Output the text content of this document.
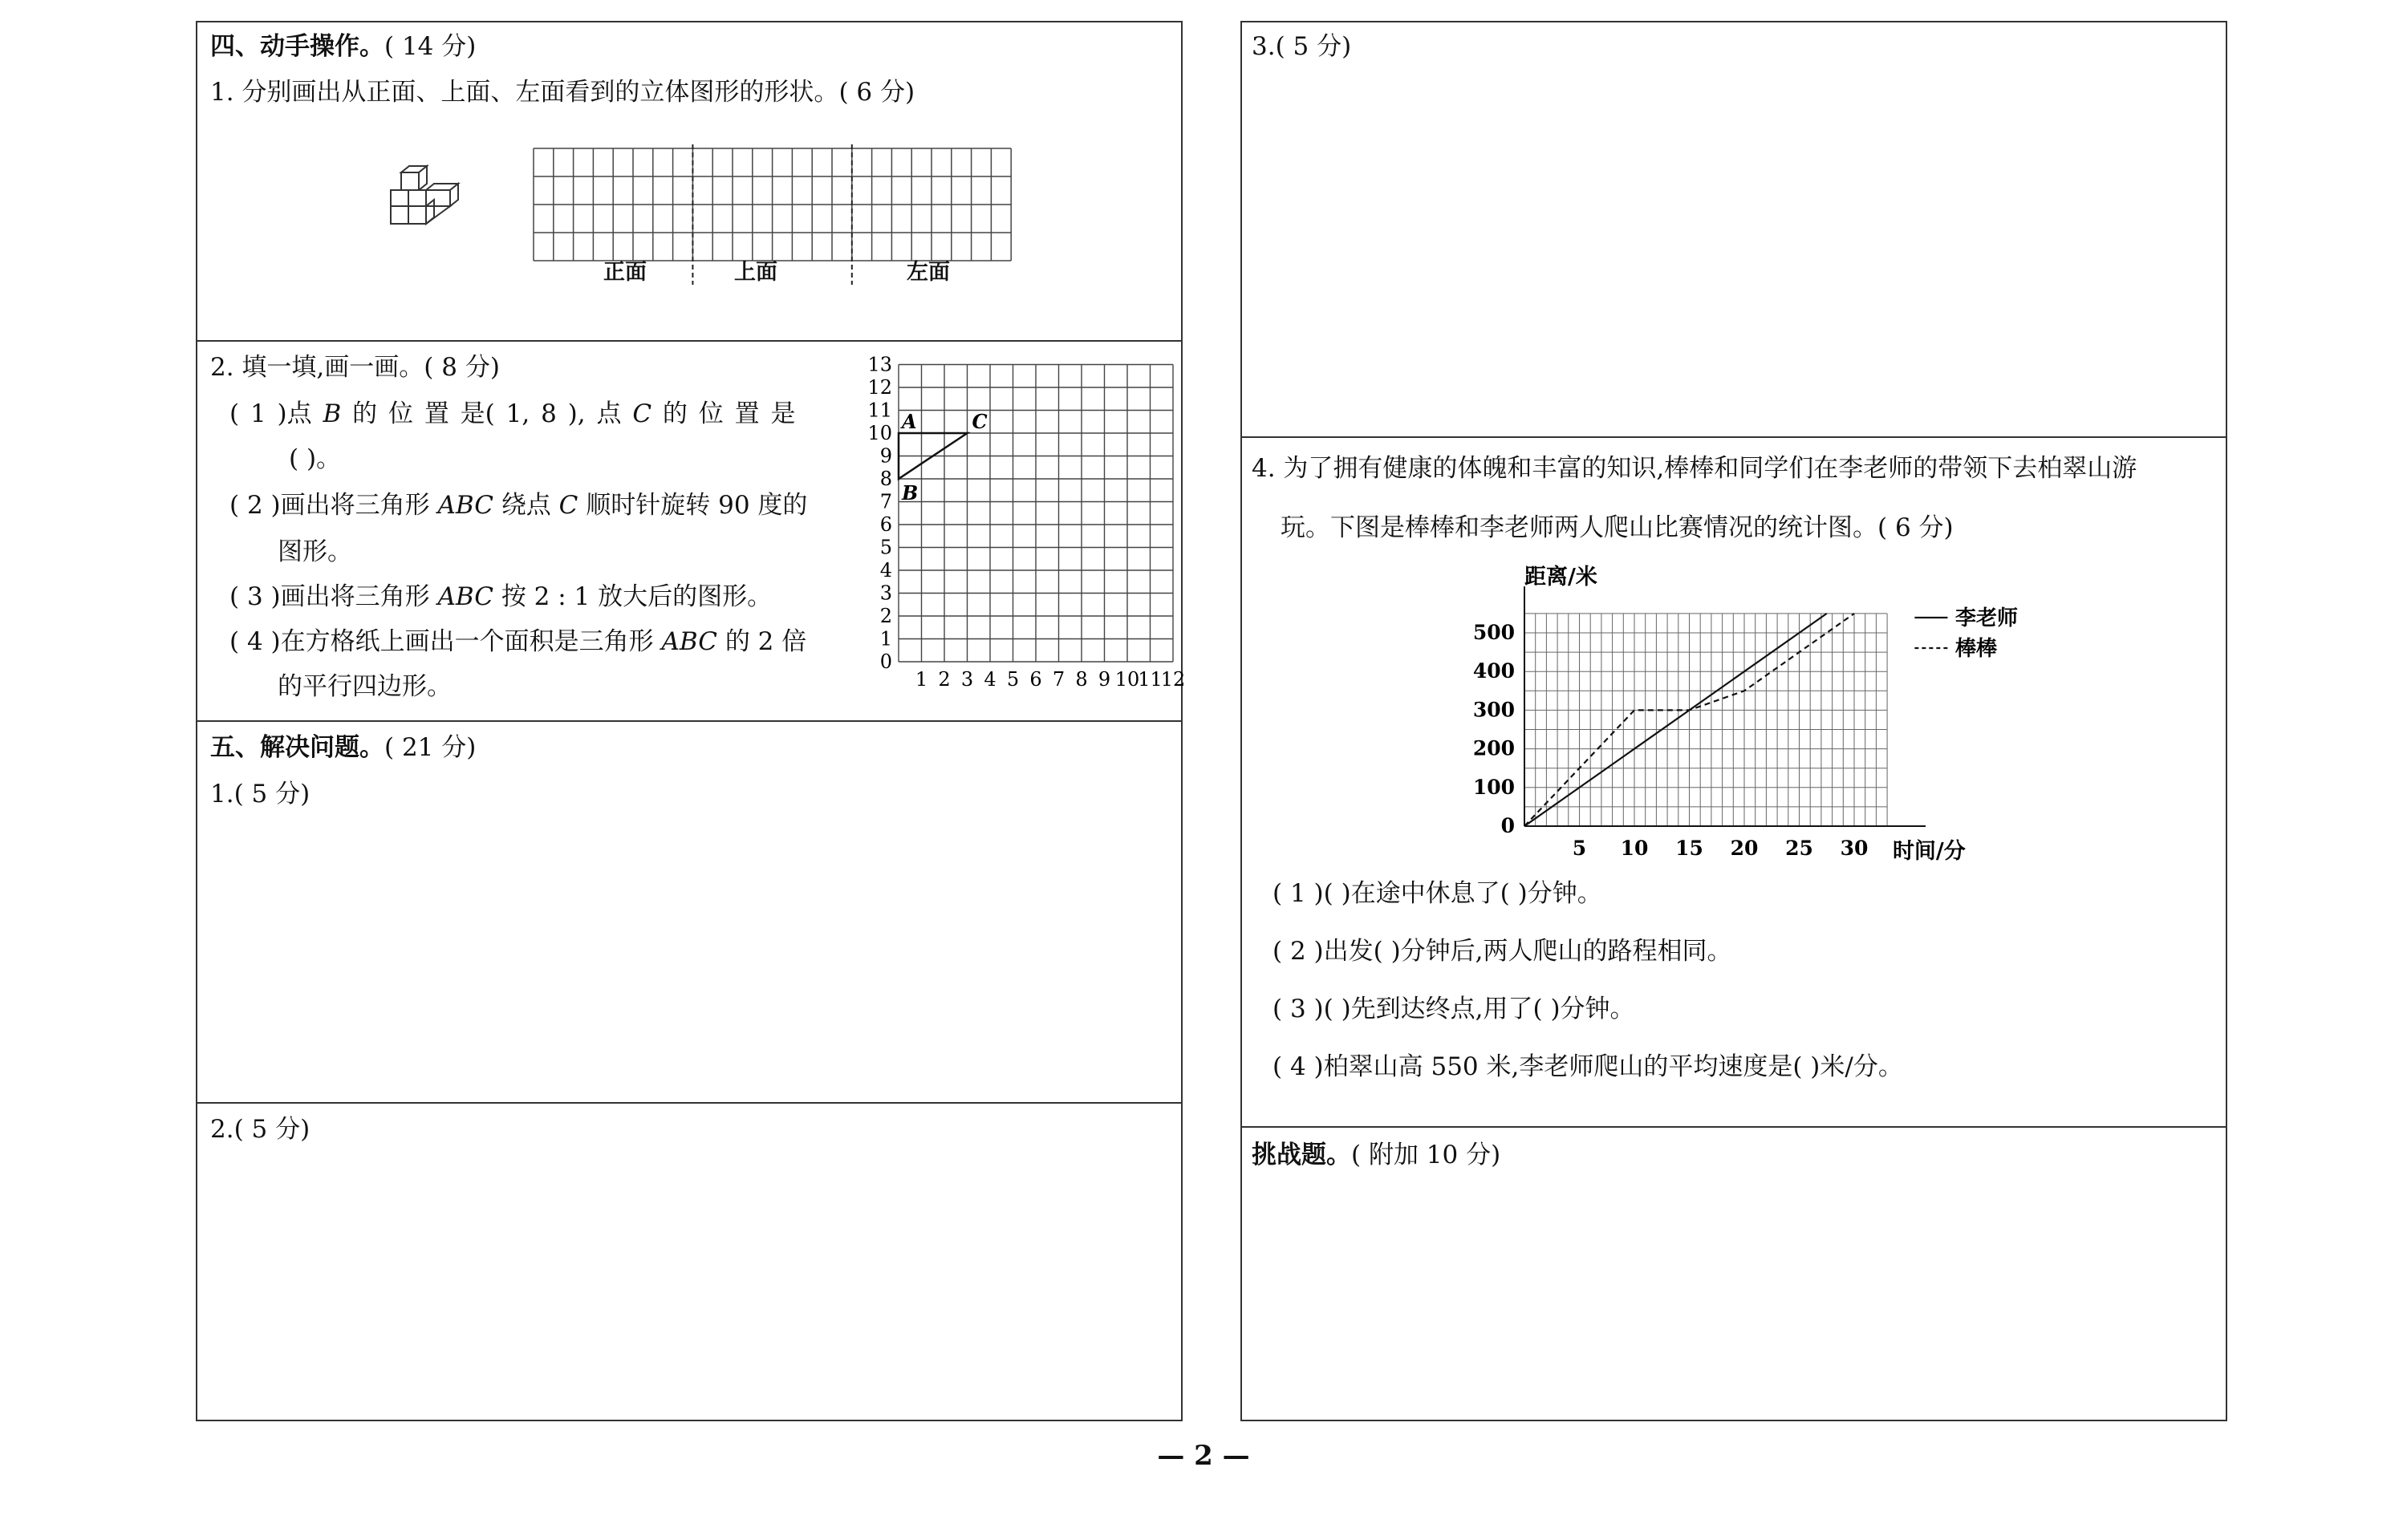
四、动手操作。( 14 分)
1. 分别画出从正面、上面、左面看到的立体图形的形状。( 6 分)
正面	上面	左面
2. 填一填,画一画。( 8 分)
( 1 )点 B 的 位 置 是( 1, 8 ), 点 C 的 位 置 是
( )。
( 2 )画出将三角形 ABC 绕点 C 顺时针旋转 90 度的
图形。
( 3 )画出将三角形 ABC 按 2 : 1 放大后的图形。
( 4 )在方格纸上画出一个面积是三角形 ABC 的 2 倍
的平行四边形。
0
1
2
3
4
5
6
7
8
9
10
11
12
13
1 2 3 4 5 6 7 8 9 10
11
12
A
B
C
五、解决问题。( 21 分)
1.( 5 分)
2.( 5 分)
3.( 5 分)
4. 为了拥有健康的体魄和丰富的知识,棒棒和同学们在李老师的带领下去柏翠山游
玩。下图是棒棒和李老师两人爬山比赛情况的统计图。( 6 分)
5 10 15 20 25 30
0
100
200
300
400
500
距离/米
时间/分
李老师
棒棒
( 1 )( )在途中休息了( )分钟。
( 2 )出发( )分钟后,两人爬山的路程相同。
( 3 )( )先到达终点,用了( )分钟。
( 4 )柏翠山高 550 米,李老师爬山的平均速度是( )米/分。
挑战题。( 附加 10 分)
— 2 —
